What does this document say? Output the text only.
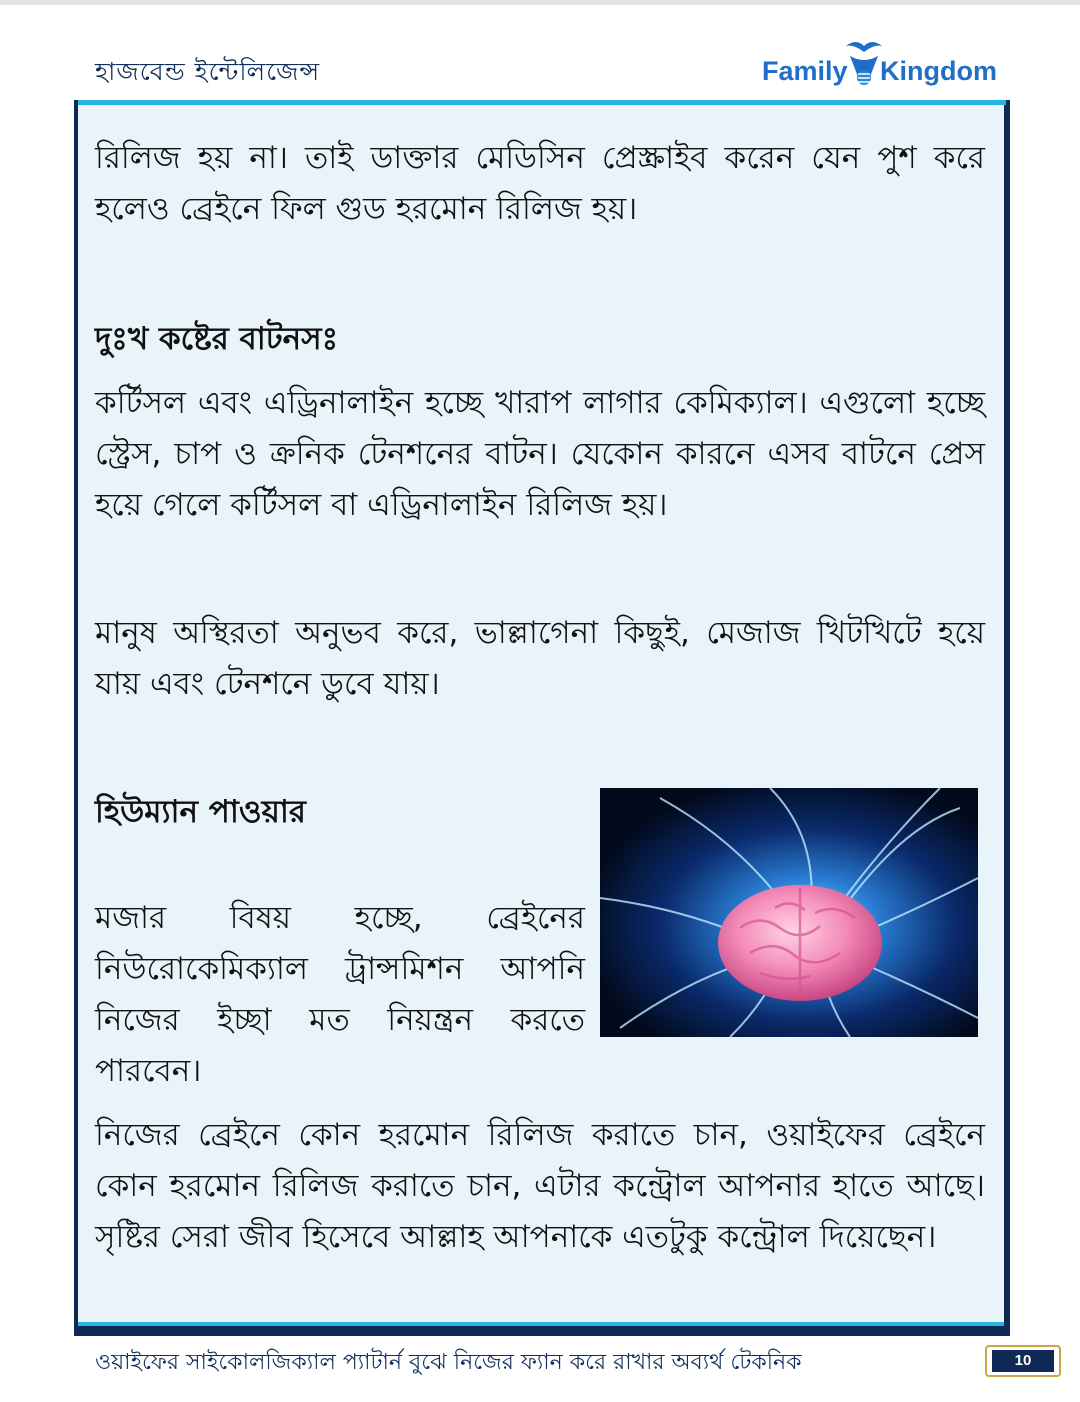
হাজবেন্ড ইন্টেলিজেন্স	Family Kingdom
রিলিজ হয় না। তাই ডাক্তার মেডিসিন প্রেস্ক্রাইব করেন যেন পুশ করে হলেও ব্রেইনে ফিল গুড হরমোন রিলিজ হয়।
দুঃখ কষ্টের বাটনসঃ
কর্টিসল এবং এড্রিনালাইন হচ্ছে খারাপ লাগার কেমিক্যাল। এগুলো হচ্ছে স্ট্রেস, চাপ ও ক্রনিক টেনশনের বাটন। যেকোন কারনে এসব বাটনে প্রেস হয়ে গেলে কর্টিসল বা এড্রিনালাইন রিলিজ হয়।
মানুষ অস্থিরতা অনুভব করে, ভাল্লাগেনা কিছুই, মেজাজ খিটখিটে হয়ে যায় এবং টেনশনে ডুবে যায়।
হিউম্যান পাওয়ার
মজার বিষয় হচ্ছে, ব্রেইনের নিউরোকেমিক্যাল ট্রান্সমিশন আপনি নিজের ইচ্ছা মত নিয়ন্ত্রন করতে পারবেন।
নিজের ব্রেইনে কোন হরমোন রিলিজ করাতে চান, ওয়াইফের ব্রেইনে কোন হরমোন রিলিজ করাতে চান, এটার কন্ট্রোল আপনার হাতে আছে। সৃষ্টির সেরা জীব হিসেবে আল্লাহ আপনাকে এতটুকু কন্ট্রোল দিয়েছেন।
ওয়াইফের সাইকোলজিক্যাল প্যাটার্ন বুঝে নিজের ফ্যান করে রাখার অব্যর্থ টেকনিক	10
